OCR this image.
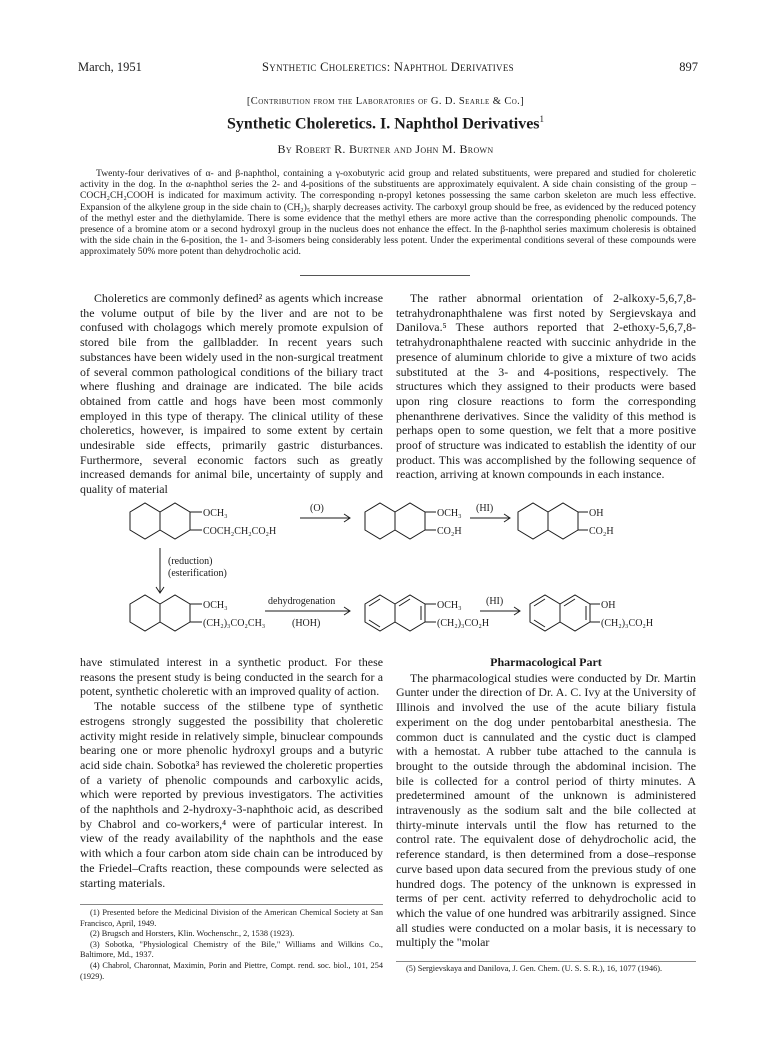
March, 1951	Synthetic Choleretics: Naphthol Derivatives	897
[Contribution from the Laboratories of G. D. Searle & Co.]
Synthetic Choleretics. I. Naphthol Derivatives$^1$
By Robert R. Burtner and John M. Brown
Twenty-four derivatives of α- and β-naphthol, containing a γ-oxobutyric acid group and related substituents, were prepared and studied for choleretic activity in the dog. In the α-naphthol series the 2- and 4-positions of the substituents are approximately equivalent. A side chain consisting of the group –COCH₂CH₂COOH is indicated for maximum activity. The corresponding n-propyl ketones possessing the same carbon skeleton are much less effective. Expansion of the alkylene group in the side chain to (CH₂)₅ sharply decreases activity. The carboxyl group should be free, as evidenced by the reduced potency of the methyl ester and the diethylamide. There is some evidence that the methyl ethers are more active than the corresponding phenolic compounds. The presence of a bromine atom or a second hydroxyl group in the nucleus does not enhance the effect. In the β-naphthol series maximum choleresis is obtained with the side chain in the 6-position, the 1- and 3-isomers being considerably less potent. Under the experimental conditions several of these compounds were approximately 50% more potent than dehydrocholic acid.

Choleretics are commonly defined² as agents which increase the volume output of bile by the liver and are not to be confused with cholagogs which merely promote expulsion of stored bile from the gallbladder. In recent years such substances have been widely used in the non-surgical treatment of several common pathological conditions of the biliary tract where flushing and drainage are indicated. The bile acids obtained from cattle and hogs have been most commonly employed in this type of therapy. The clinical utility of these choleretics, however, is impaired to some extent by certain undesirable side effects, primarily gastric disturbances. Furthermore, several economic factors such as greatly increased demands for animal bile, uncertainty of supply and quality of material

The rather abnormal orientation of 2-alkoxy-5,6,7,8-tetrahydronaphthalene was first noted by Sergievskaya and Danilova.⁵ These authors reported that 2-ethoxy-5,6,7,8-tetrahydronaphthalene reacted with succinic anhydride in the presence of aluminum chloride to give a mixture of two acids substituted at the 3- and 4-positions, respectively. The structures which they assigned to their products were based upon ring closure reactions to form the corresponding phenanthrene derivatives. Since the validity of this method is perhaps open to some question, we felt that a more positive proof of structure was indicated to establish the identity of our product. This was accomplished by the following sequence of reaction, arriving at known compounds in each instance.

OCH₃
COCH₂CH₂CO₂H
(O)	OCH₃
CO₂H
(HI)	OH
CO₂H
(reduction)
(esterification)
OCH₃
(CH₂)₃CO₂CH₃
dehydrogenation
(HOH)
OCH₃
(CH₂)₃CO₂H
(HI)	OH
(CH₂)₃CO₂H

have stimulated interest in a synthetic product. For these reasons the present study is being conducted in the search for a potent, synthetic choleretic with an improved quality of action.

The notable success of the stilbene type of synthetic estrogens strongly suggested the possibility that choleretic activity might reside in relatively simple, binuclear compounds bearing one or more phenolic hydroxyl groups and a butyric acid side chain. Sobotka³ has reviewed the choleretic properties of a variety of phenolic compounds and carboxylic acids, which were reported by previous investigators. The activities of the naphthols and 2-hydroxy-3-naphthoic acid, as described by Chabrol and co-workers,⁴ were of particular interest. In view of the ready availability of the naphthols and the ease with which a four carbon atom side chain can be introduced by the Friedel–Crafts reaction, these compounds were selected as starting materials.

(1) Presented before the Medicinal Division of the American Chemical Society at San Francisco, April, 1949.

(2) Brugsch and Horsters, Klin. Wochenschr., 2, 1538 (1923).

(3) Sobotka, "Physiological Chemistry of the Bile," Williams and Wilkins Co., Baltimore, Md., 1937.

(4) Chabrol, Charonnat, Maximin, Porin and Piettre, Compt. rend. soc. biol., 101, 254 (1929).

Pharmacological Part

The pharmacological studies were conducted by Dr. Martin Gunter under the direction of Dr. A. C. Ivy at the University of Illinois and involved the use of the acute biliary fistula experiment on the dog under pentobarbital anesthesia. The common duct is cannulated and the cystic duct is clamped with a hemostat. A rubber tube attached to the cannula is brought to the outside through the abdominal incision. The bile is collected for a control period of thirty minutes. A predetermined amount of the unknown is administered intravenously as the sodium salt and the bile collected at thirty-minute intervals until the flow has returned to the control rate. The equivalent dose of dehydrocholic acid, the reference standard, is then determined from a dose–response curve based upon data secured from the previous study of one hundred dogs. The potency of the unknown is expressed in terms of per cent. activity referred to dehydrocholic acid to which the value of one hundred was arbitrarily assigned. Since all studies were conducted on a molar basis, it is necessary to multiply the "molar

(5) Sergievskaya and Danilova, J. Gen. Chem. (U. S. S. R.), 16, 1077 (1946).
